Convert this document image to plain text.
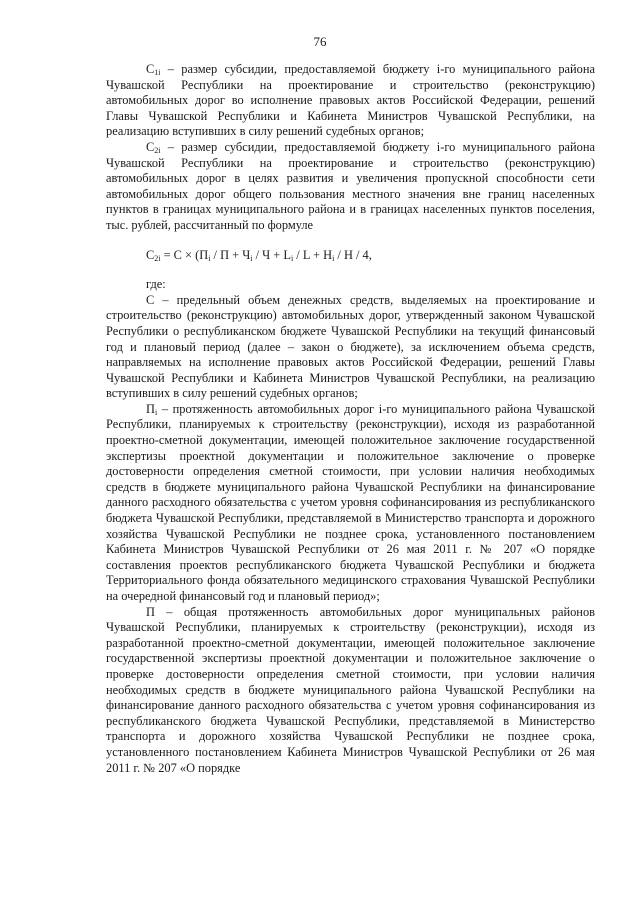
76

$C_{1i}$ – размер субсидии, предоставляемой бюджету i-го муниципального района Чувашской Республики на проектирование и строительство (реконструкцию) автомобильных дорог во исполнение правовых актов Российской Федерации, решений Главы Чувашской Республики и Кабинета Министров Чувашской Республики, на реализацию вступивших в силу решений судебных органов;

$C_{2i}$ – размер субсидии, предоставляемой бюджету i-го муниципального района Чувашской Республики на проектирование и строительство (реконструкцию) автомобильных дорог в целях развития и увеличения пропускной способности сети автомобильных дорог общего пользования местного значения вне границ населенных пунктов в границах муниципального района и в границах населенных пунктов поселения, тыс. рублей, рассчитанный по формуле

$C_{2i} = C \times (П_i / П + Ч_i / Ч + L_i / L + Н_i / Н / 4$,

где:

С – предельный объем денежных средств, выделяемых на проектирование и строительство (реконструкцию) автомобильных дорог, утвержденный законом Чувашской Республики о республиканском бюджете Чувашской Республики на текущий финансовый год и плановый период (далее – закон о бюджете), за исключением объема средств, направляемых на исполнение правовых актов Российской Федерации, решений Главы Чувашской Республики и Кабинета Министров Чувашской Республики, на реализацию вступивших в силу решений судебных органов;

$П_i$ – протяженность автомобильных дорог i-го муниципального района Чувашской Республики, планируемых к строительству (реконструкции), исходя из разработанной проектно-сметной документации, имеющей положительное заключение государственной экспертизы проектной документации и положительное заключение о проверке достоверности определения сметной стоимости, при условии наличия необходимых средств в бюджете муниципального района Чувашской Республики на финансирование данного расходного обязательства с учетом уровня софинансирования из республиканского бюджета Чувашской Республики, представляемой в Министерство транспорта и дорожного хозяйства Чувашской Республики не позднее срока, установленного постановлением Кабинета Министров Чувашской Республики от 26 мая 2011 г. № 207 «О порядке составления проектов республиканского бюджета Чувашской Республики и бюджета Территориального фонда обязательного медицинского страхования Чувашской Республики на очередной финансовый год и плановый период»;

П – общая протяженность автомобильных дорог муниципальных районов Чувашской Республики, планируемых к строительству (реконструкции), исходя из разработанной проектно-сметной документации, имеющей положительное заключение государственной экспертизы проектной документации и положительное заключение о проверке достоверности определения сметной стоимости, при условии наличия необходимых средств в бюджете муниципального района Чувашской Республики на финансирование данного расходного обязательства с учетом уровня софинансирования из республиканского бюджета Чувашской Республики, представляемой в Министерство транспорта и дорожного хозяйства Чувашской Республики не позднее срока, установленного постановлением Кабинета Министров Чувашской Республики от 26 мая 2011 г. № 207 «О порядке
